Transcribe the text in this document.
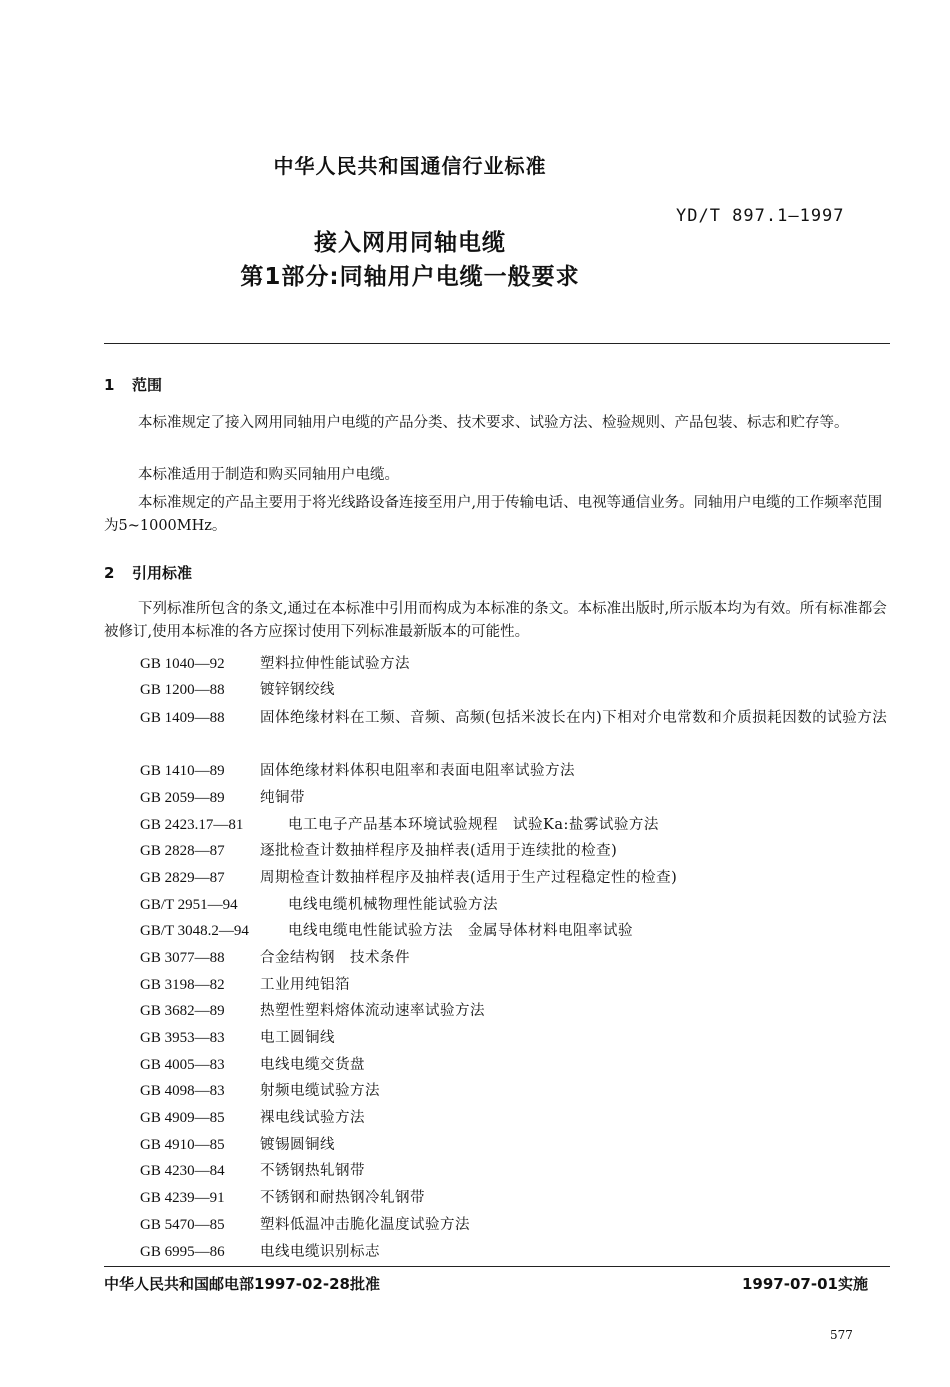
中华人民共和国通信行业标准
YD/T 897.1—1997
接入网用同轴电缆
第1部分:同轴用户电缆一般要求
1 范围
本标准规定了接入网用同轴用户电缆的产品分类、技术要求、试验方法、检验规则、产品包装、标志和贮存等。
本标准适用于制造和购买同轴用户电缆。
本标准规定的产品主要用于将光线路设备连接至用户,用于传输电话、电视等通信业务。同轴用户电缆的工作频率范围为5~1000MHz。
2 引用标准
下列标准所包含的条文,通过在本标准中引用而构成为本标准的条文。本标准出版时,所示版本均为有效。所有标准都会被修订,使用本标准的各方应探讨使用下列标准最新版本的可能性。
GB 1040—92	塑料拉伸性能试验方法
GB 1200—88	镀锌钢绞线
GB 1409—88	固体绝缘材料在工频、音频、高频(包括米波长在内)下相对介电常数和介质损耗因数的试验方法
GB 1410—89	固体绝缘材料体积电阻率和表面电阻率试验方法
GB 2059—89	纯铜带
GB 2423.17—81	电工电子产品基本环境试验规程　试验Ka:盐雾试验方法
GB 2828—87	逐批检查计数抽样程序及抽样表(适用于连续批的检查)
GB 2829—87	周期检查计数抽样程序及抽样表(适用于生产过程稳定性的检查)
GB/T 2951—94	电线电缆机械物理性能试验方法
GB/T 3048.2—94	电线电缆电性能试验方法　金属导体材料电阻率试验
GB 3077—88	合金结构钢　技术条件
GB 3198—82	工业用纯铝箔
GB 3682—89	热塑性塑料熔体流动速率试验方法
GB 3953—83	电工圆铜线
GB 4005—83	电线电缆交货盘
GB 4098—83	射频电缆试验方法
GB 4909—85	裸电线试验方法
GB 4910—85	镀锡圆铜线
GB 4230—84	不锈钢热轧钢带
GB 4239—91	不锈钢和耐热钢冷轧钢带
GB 5470—85	塑料低温冲击脆化温度试验方法
GB 6995—86	电线电缆识别标志
中华人民共和国邮电部1997-02-28批准	1997-07-01实施
577
